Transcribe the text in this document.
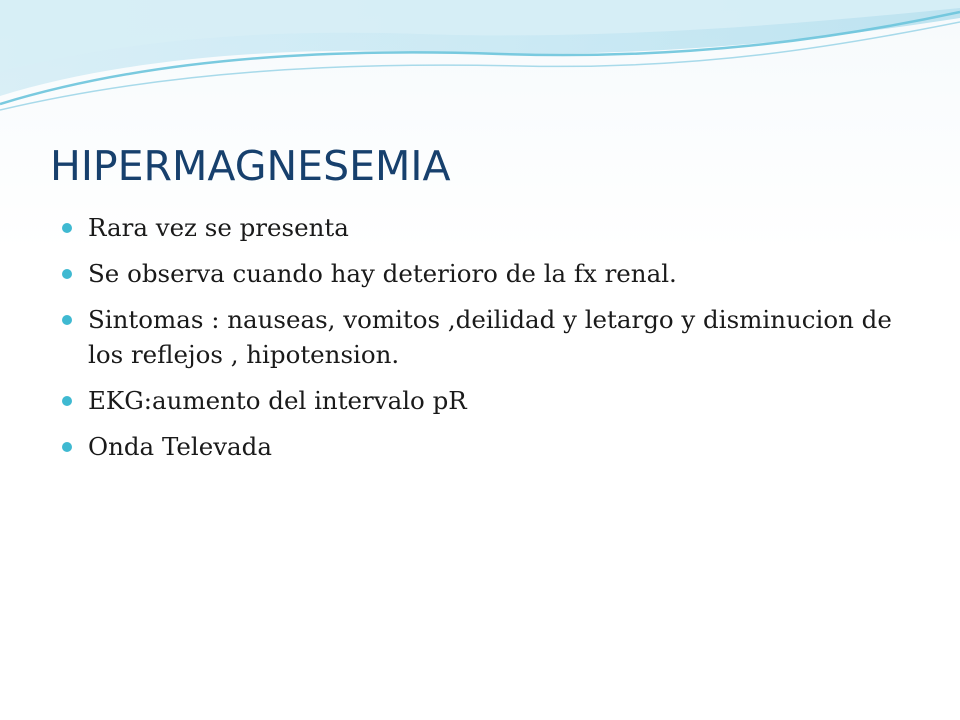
HIPERMAGNESEMIA
Rara vez se presenta
Se observa cuando hay deterioro de la fx renal.
Sintomas : nauseas, vomitos ,deilidad y letargo y disminucion de los reflejos , hipotension.
EKG:aumento del intervalo pR
Onda Televada
